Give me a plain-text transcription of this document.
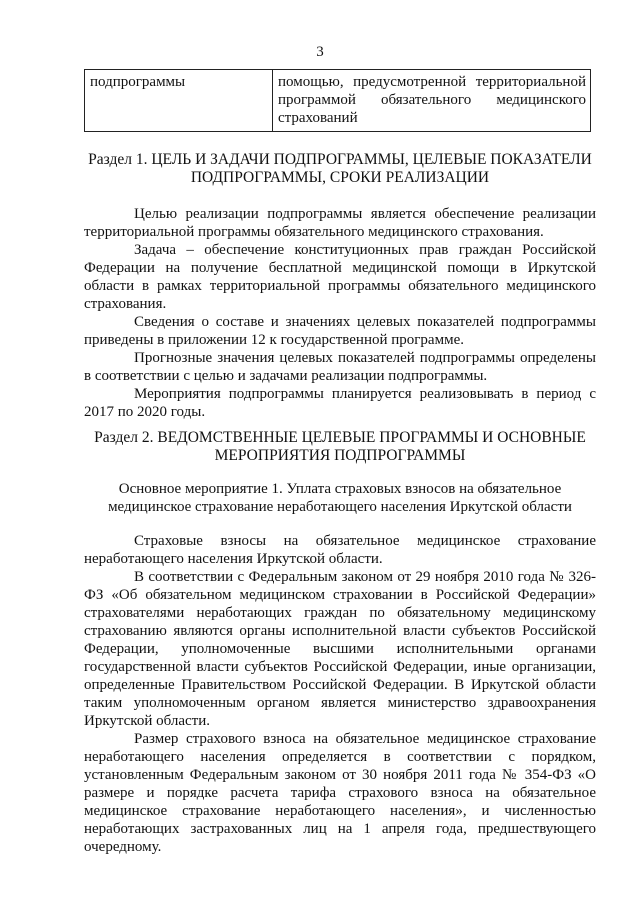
3
подпрограммы	помощью, предусмотренной территориальной программой обязательного медицинского страхований
Раздел 1. ЦЕЛЬ И ЗАДАЧИ ПОДПРОГРАММЫ, ЦЕЛЕВЫЕ ПОКАЗАТЕЛИ ПОДПРОГРАММЫ, СРОКИ РЕАЛИЗАЦИИ

Целью реализации подпрограммы является обеспечение реализации территориальной программы обязательного медицинского страхования.

Задача – обеспечение конституционных прав граждан Российской Федерации на получение бесплатной медицинской помощи в Иркутской области в рамках территориальной программы обязательного медицинского страхования.

Сведения о составе и значениях целевых показателей подпрограммы приведены в приложении 12 к государственной программе.

Прогнозные значения целевых показателей подпрограммы определены в соответствии с целью и задачами реализации подпрограммы.

Мероприятия подпрограммы планируется реализовывать в период с 2017 по 2020 годы.

Раздел 2. ВЕДОМСТВЕННЫЕ ЦЕЛЕВЫЕ ПРОГРАММЫ И ОСНОВНЫЕ МЕРОПРИЯТИЯ ПОДПРОГРАММЫ
Основное мероприятие 1. Уплата страховых взносов на обязательное медицинское страхование неработающего населения Иркутской области

Страховые взносы на обязательное медицинское страхование неработающего населения Иркутской области.

В соответствии с Федеральным законом от 29 ноября 2010 года № 326-ФЗ «Об обязательном медицинском страховании в Российской Федерации» страхователями неработающих граждан по обязательному медицинскому страхованию являются органы исполнительной власти субъектов Российской Федерации, уполномоченные высшими исполнительными органами государственной власти субъектов Российской Федерации, иные организации, определенные Правительством Российской Федерации. В Иркутской области таким уполномоченным органом является министерство здравоохранения Иркутской области.

Размер страхового взноса на обязательное медицинское страхование неработающего населения определяется в соответствии с порядком, установленным Федеральным законом от 30 ноября 2011 года № 354-ФЗ «О размере и порядке расчета тарифа страхового взноса на обязательное медицинское страхование неработающего населения», и численностью неработающих застрахованных лиц на 1 апреля года, предшествующего очередному.
